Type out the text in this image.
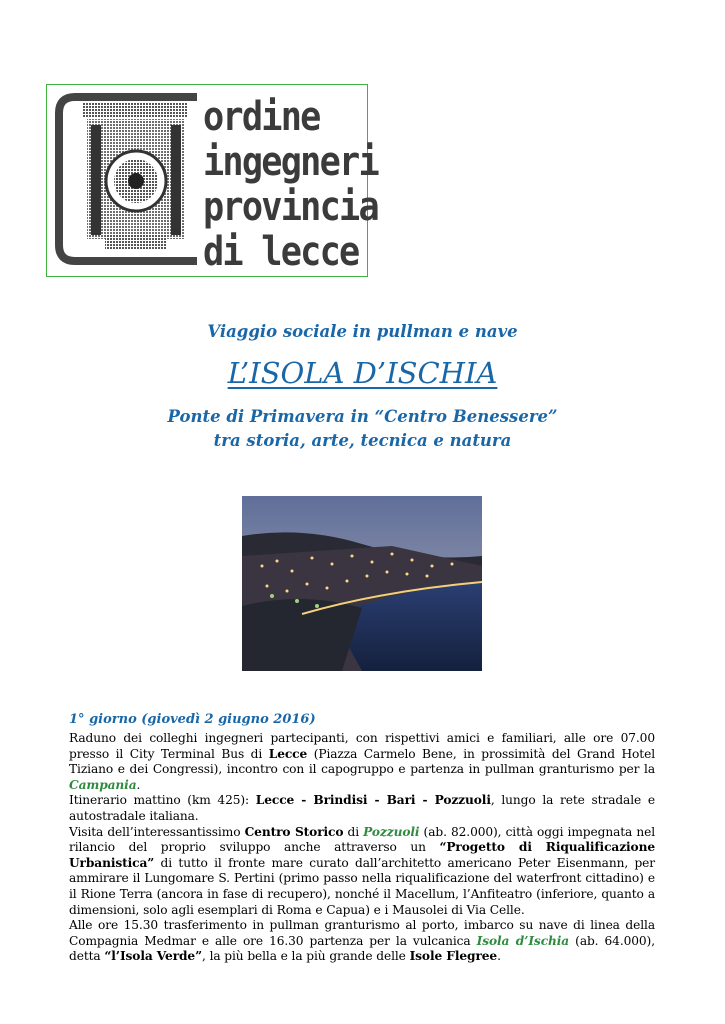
ordine
ingegneri
provincia
di lecce
Viaggio sociale in pullman e nave
L’ISOLA D’ISCHIA
Ponte di Primavera in “Centro Benessere”
tra storia, arte, tecnica e natura
1° giorno (giovedì 2 giugno 2016)

Raduno dei colleghi ingegneri partecipanti, con rispettivi amici e familiari, alle ore 07.00 presso il City Terminal Bus di Lecce (Piazza Carmelo Bene, in prossimità del Grand Hotel Tiziano e dei Congressi), incontro con il capogruppo e partenza in pullman granturismo per la Campania.

Itinerario mattino (km 425): Lecce - Brindisi - Bari - Pozzuoli, lungo la rete stradale e autostradale italiana.

Visita dell’interessantissimo Centro Storico di Pozzuoli (ab. 82.000), città oggi impegnata nel rilancio del proprio sviluppo anche attraverso un “Progetto di Riqualificazione Urbanistica” di tutto il fronte mare curato dall’architetto americano Peter Eisenmann, per ammirare il Lungomare S. Pertini (primo passo nella riqualificazione del waterfront cittadino) e il Rione Terra (ancora in fase di recupero), nonché il Macellum, l’Anfiteatro (inferiore, quanto a dimensioni, solo agli esemplari di Roma e Capua) e i Mausolei di Via Celle.

Alle ore 15.30 trasferimento in pullman granturismo al porto, imbarco su nave di linea della Compagnia Medmar e alle ore 16.30 partenza per la vulcanica Isola d’Ischia (ab. 64.000), detta “l’Isola Verde”, la più bella e la più grande delle Isole Flegree.
